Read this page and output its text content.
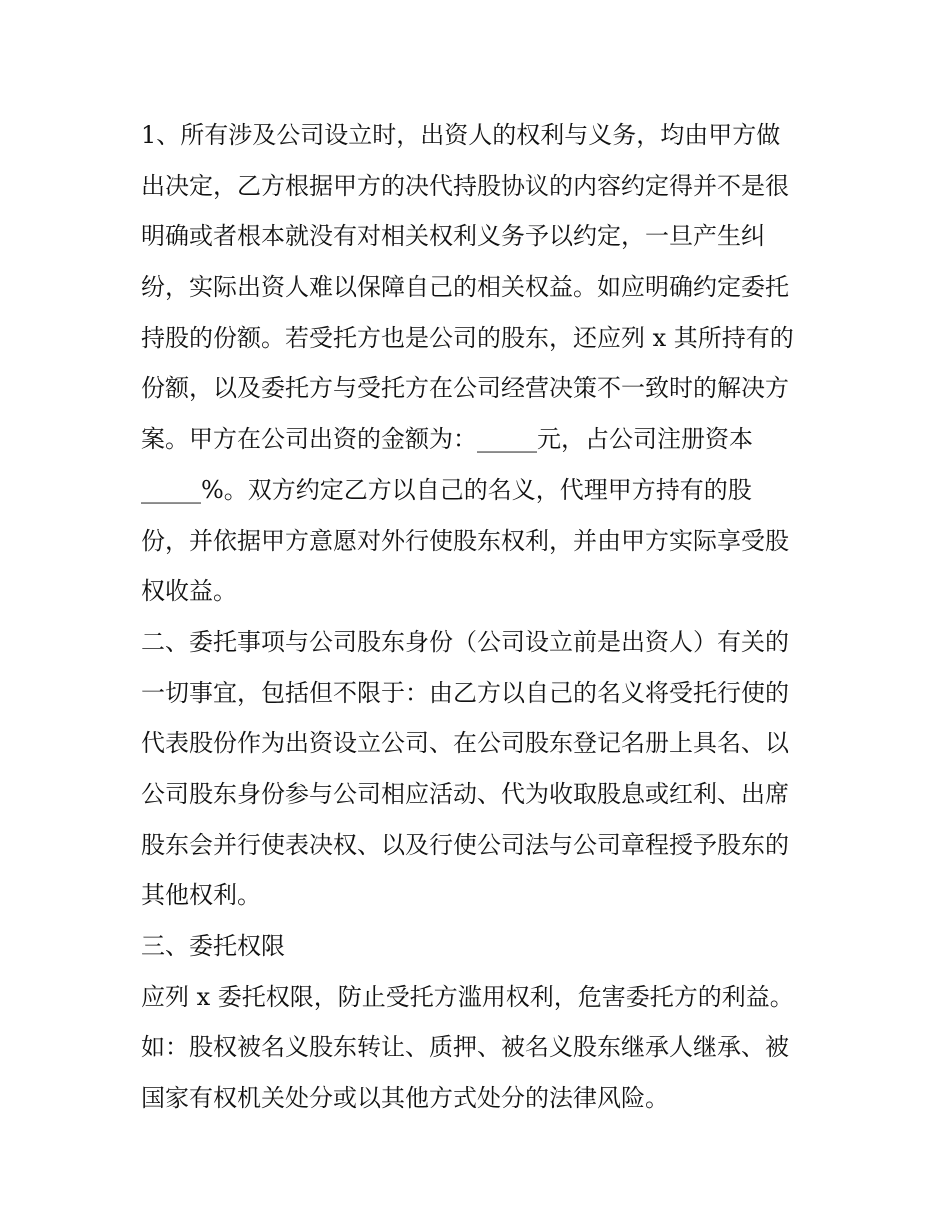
1、所有涉及公司设立时，出资人的权利与义务，均由甲方做
出决定，乙方根据甲方的决代持股协议的内容约定得并不是很
明确或者根本就没有对相关权利义务予以约定，一旦产生纠
纷，实际出资人难以保障自己的相关权益。如应明确约定委托
持股的份额。若受托方也是公司的股东，还应列 x 其所持有的
份额，以及委托方与受托方在公司经营决策不一致时的解决方
案。甲方在公司出资的金额为：_____元，占公司注册资本
_____%。双方约定乙方以自己的名义，代理甲方持有的股
份，并依据甲方意愿对外行使股东权利，并由甲方实际享受股
权收益。
二、委托事项与公司股东身份（公司设立前是出资人）有关的
一切事宜，包括但不限于：由乙方以自己的名义将受托行使的
代表股份作为出资设立公司、在公司股东登记名册上具名、以
公司股东身份参与公司相应活动、代为收取股息或红利、出席
股东会并行使表决权、以及行使公司法与公司章程授予股东的
其他权利。
三、委托权限
应列 x 委托权限，防止受托方滥用权利，危害委托方的利益。
如：股权被名义股东转让、质押、被名义股东继承人继承、被
国家有权机关处分或以其他方式处分的法律风险。
